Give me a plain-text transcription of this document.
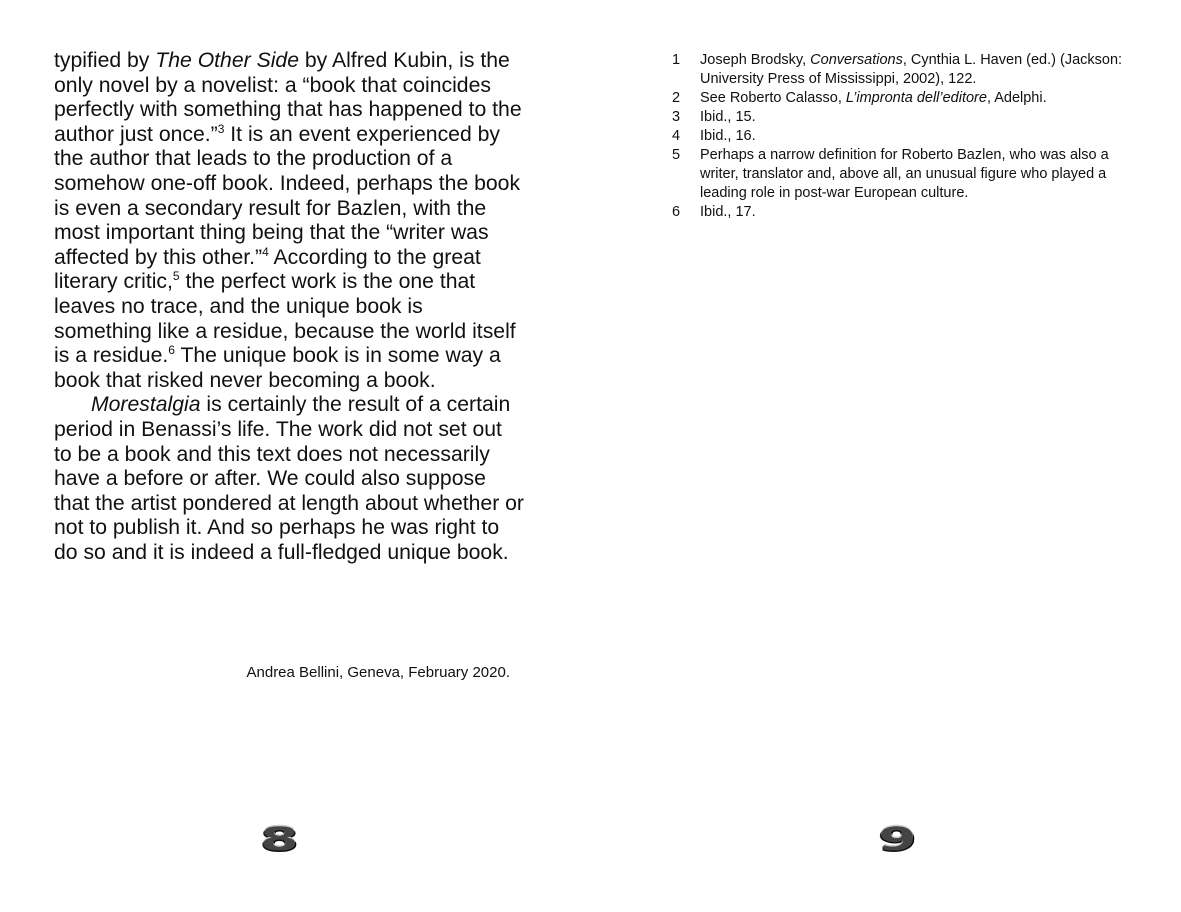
typified by The Other Side by Alfred Kubin, is the only novel by a novelist: a “book that coincides perfectly with something that has happened to the author just once.”$^3$ It is an event experienced by the author that leads to the production of a somehow one-off book. Indeed, perhaps the book is even a secondary result for Bazlen, with the most important thing being that the “writer was affected by this other.”$^4$ According to the great literary critic,$^5$ the perfect work is the one that leaves no trace, and the unique book is something like a residue, because the world itself is a residue.$^6$ The unique book is in some way a book that risked never becoming a book.

Morestalgia is certainly the result of a certain period in Benassi’s life. The work did not set out to be a book and this text does not necessarily have a before or after. We could also suppose that the artist pondered at length about whether or not to publish it. And so perhaps he was right to do so and it is indeed a full-fledged unique book.

Andrea Bellini, Geneva, February 2020.
8	9
1	Joseph Brodsky, Conversations, Cynthia L. Haven (ed.) (Jackson: University Press of Mississippi, 2002), 122.
2	See Roberto Calasso, L’impronta dell’editore, Adelphi.
3	Ibid., 15.
4	Ibid., 16.
5	Perhaps a narrow definition for Roberto Bazlen, who was also a writer, translator and, above all, an unusual figure who played a leading role in post-war European culture.
6	Ibid., 17.
